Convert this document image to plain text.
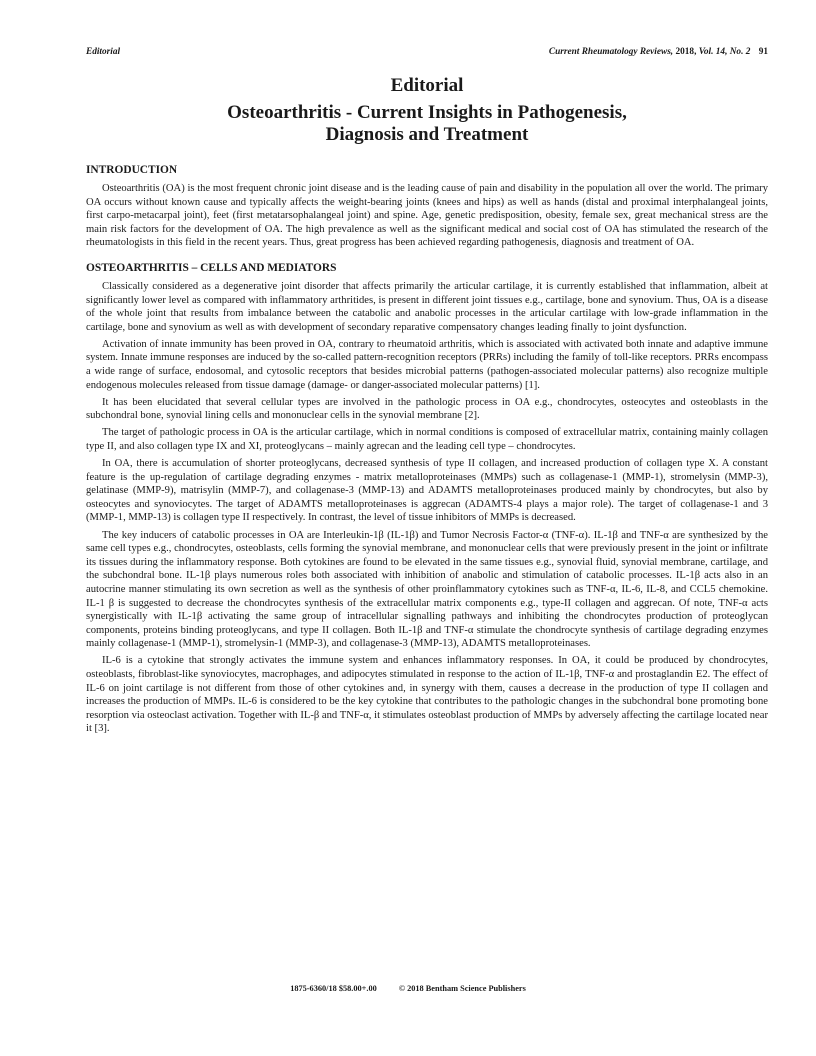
Editorial	Current Rheumatology Reviews, 2018, Vol. 14, No. 2 91
Editorial
Osteoarthritis - Current Insights in Pathogenesis,
Diagnosis and Treatment
INTRODUCTION

Osteoarthritis (OA) is the most frequent chronic joint disease and is the leading cause of pain and disability in the population all over the world. The primary OA occurs without known cause and typically affects the weight-bearing joints (knees and hips) as well as hands (distal and proximal interphalangeal joints, first carpo-metacarpal joint), feet (first metatarsophalangeal joint) and spine. Age, genetic predisposition, obesity, female sex, great mechanical stress are the main risk factors for the development of OA. The high prevalence as well as the significant medical and social cost of OA has stimulated the research of the rheumatologists in this field in the recent years. Thus, great progress has been achieved regarding pathogenesis, diagnosis and treatment of OA.

OSTEOARTHRITIS – CELLS AND MEDIATORS

Classically considered as a degenerative joint disorder that affects primarily the articular cartilage, it is currently established that inflammation, albeit at significantly lower level as compared with inflammatory arthritides, is present in different joint tissues e.g., cartilage, bone and synovium. Thus, OA is a disease of the whole joint that results from imbalance between the catabolic and anabolic processes in the articular cartilage with low-grade inflammation in the cartilage, bone and synovium as well as with development of secondary reparative compensatory changes leading finally to joint dysfunction.

Activation of innate immunity has been proved in OA, contrary to rheumatoid arthritis, which is associated with activated both innate and adaptive immune system. Innate immune responses are induced by the so-called pattern-recognition receptors (PRRs) including the family of toll-like receptors. PRRs encompass a wide range of surface, endosomal, and cytosolic receptors that besides microbial patterns (pathogen-associated molecular patterns) also recognize multiple endogenous molecules released from tissue damage (damage- or danger-associated molecular patterns) [1].

It has been elucidated that several cellular types are involved in the pathologic process in OA e.g., chondrocytes, osteocytes and osteoblasts in the subchondral bone, synovial lining cells and mononuclear cells in the synovial membrane [2].

The target of pathologic process in OA is the articular cartilage, which in normal conditions is composed of extracellular matrix, containing mainly collagen type II, and also collagen type IX and XI, proteoglycans – mainly agrecan and the leading cell type – chondrocytes.

In OA, there is accumulation of shorter proteoglycans, decreased synthesis of type II collagen, and increased production of collagen type X. A constant feature is the up-regulation of cartilage degrading enzymes - matrix metalloproteinases (MMPs) such as collagenase-1 (MMP-1), stromelysin (MMP-3), gelatinase (MMP-9), matrisylin (MMP-7), and collagenase-3 (MMP-13) and ADAMTS metalloproteinases produced mainly by chondrocytes, but also by osteocytes and synoviocytes. The target of ADAMTS metalloproteinases is aggrecan (ADAMTS-4 plays a major role). The target of collagenase-1 and 3 (MMP-1, MMP-13) is collagen type II respectively. In contrast, the level of tissue inhibitors of MMPs is decreased.

The key inducers of catabolic processes in OA are Interleukin-1β (IL-1β) and Tumor Necrosis Factor-α (TNF-α). IL-1β and TNF-α are synthesized by the same cell types e.g., chondrocytes, osteoblasts, cells forming the synovial membrane, and mononuclear cells that were previously present in the joint or infiltrate its tissues during the inflammatory response. Both cytokines are found to be elevated in the same tissues e.g., synovial fluid, synovial membrane, cartilage, and the subchondral bone. IL-1β plays numerous roles both associated with inhibition of anabolic and stimulation of catabolic processes. IL-1β acts also in an autocrine manner stimulating its own secretion as well as the synthesis of other proinflammatory cytokines such as TNF-α, IL-6, IL-8, and CCL5 chemokine. IL-1 β is suggested to decrease the chondrocytes synthesis of the extracellular matrix components e.g., type-II collagen and aggrecan. Of note, TNF-α acts synergistically with IL-1β activating the same group of intracellular signalling pathways and inhibiting the chondrocytes production of proteoglycan components, proteins binding proteoglycans, and type II collagen. Both IL-1β and TNF-α stimulate the chondrocyte synthesis of cartilage degrading enzymes mainly collagenase-1 (MMP-1), stromelysin-1 (MMP-3), and collagenase-3 (MMP-13), ADAMTS metalloproteinases.

IL-6 is a cytokine that strongly activates the immune system and enhances inflammatory responses. In OA, it could be produced by chondrocytes, osteoblasts, fibroblast-like synoviocytes, macrophages, and adipocytes stimulated in response to the action of IL-1β, TNF-α and prostaglandin E2. The effect of IL-6 on joint cartilage is not different from those of other cytokines and, in synergy with them, causes a decrease in the production of type II collagen and increases the production of MMPs. IL-6 is considered to be the key cytokine that contributes to the pathologic changes in the subchondral bone promoting bone resorption via osteoclast activation. Together with IL-β and TNF-α, it stimulates osteoblast production of MMPs by adversely affecting the cartilage located near it [3].

1875-6360/18 $58.00+.00	© 2018 Bentham Science Publishers
